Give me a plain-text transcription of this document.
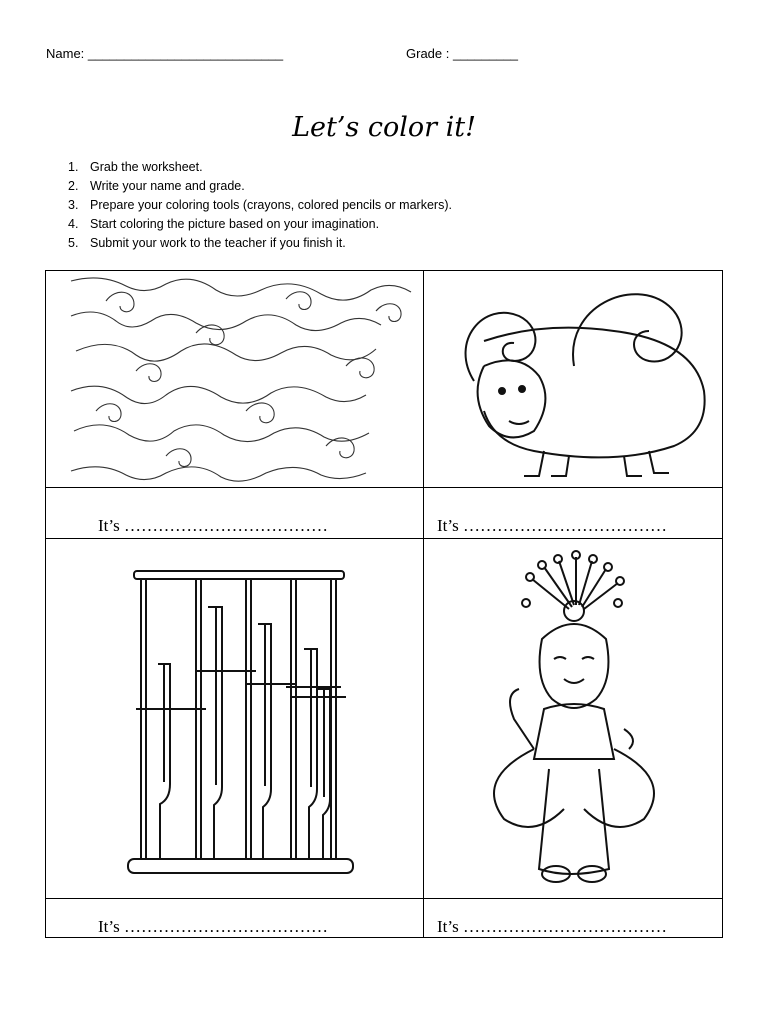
Name: ___________________________	Grade : _________
Let’s color it!
1. Grab the worksheet.
2. Write your name and grade.
3. Prepare your coloring tools (crayons, colored pencils or markers).
4. Start coloring the picture based on your imagination.
5. Submit your work to the teacher if you finish it.
It’s ………………………………	It’s ………………………………
It’s ………………………………	It’s ………………………………
